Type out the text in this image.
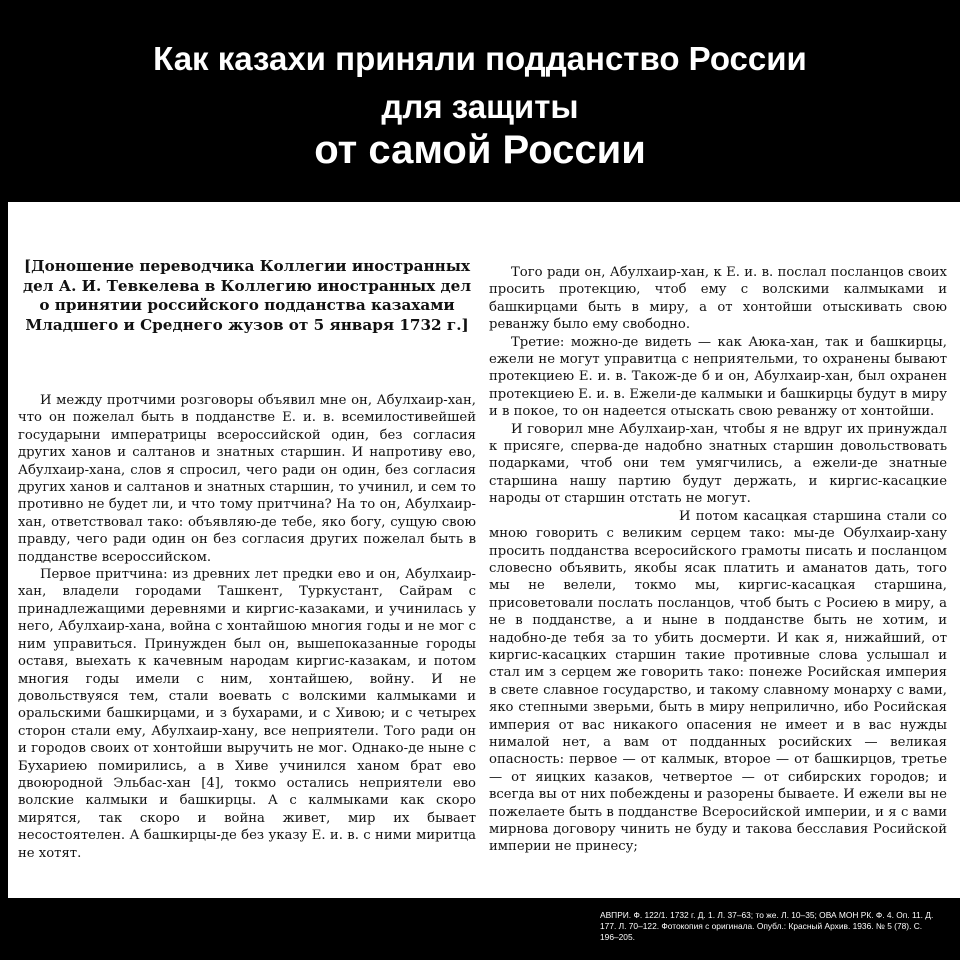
Как казахи приняли подданство России
для защиты
от самой России
[Доношение переводчика Коллегии иностранных дел А. И. Тевкелева в Коллегию иностранных дел о принятии российского подданства казахами Младшего и Среднего жузов от 5 января 1732 г.]

И между протчими розговоры объявил мне он, Абулхаир-хан, что он пожелал быть в подданстве Е. и. в. всемилостивейшей государыни императрицы всероссийской один, без согласия других ханов и салтанов и знатных старшин. И напротиву ево, Абулхаир-хана, слов я спросил, чего ради он один, без согласия других ханов и салтанов и знатных старшин, то учинил, и сем то противно не будет ли, и что тому притчина? На то он, Абулхаир-хан, ответствовал тако: объявляю-де тебе, яко богу, сущую свою правду, чего ради один он без согласия других пожелал быть в подданстве всероссийском.

Первое притчина: из древних лет предки ево и он, Абулхаир-хан, владели городами Ташкент, Туркустант, Сайрам с принадлежащими деревнями и киргис-казаками, и учинилась у него, Абулхаир-хана, война с хонтайшою многия годы и не мог с ним управиться. Принужден был он, вышепоказанные городы оставя, выехать к качевным народам киргис-казакам, и потом многия годы имели с ним, хонтайшею, войну. И не довольствуяся тем, стали воевать с волскими калмыками и оральскими башкирцами, и з бухарами, и с Хивою; и с четырех сторон стали ему, Абулхаир-хану, все неприятели. Того ради он и городов своих от хонтойши выручить не мог. Однако-де ныне с Бухариею помирились, а в Хиве учинился ханом брат ево двоюродной Эльбас-хан [4], токмо остались неприятели ево волские калмыки и башкирцы. А с калмыками как скоро мирятся, так скоро и война живет, мир их бывает несостоятелен. А башкирцы-де без указу Е. и. в. с ними миритца не хотят.

Того ради он, Абулхаир-хан, к Е. и. в. послал посланцов своих просить протекцию, чтоб ему с волскими калмыками и башкирцами быть в миру, а от хонтойши отыскивать свою реванжу было ему свободно.

Третие: можно-де видеть — как Аюка-хан, так и башкирцы, ежели не могут управитца с неприятельми, то охранены бывают протекциею Е. и. в. Також-де б и он, Абулхаир-хан, был охранен протекциею Е. и. в. Ежели-де калмыки и башкирцы будут в миру и в покое, то он надеется отыскать свою реванжу от хонтойши.

И говорил мне Абулхаир-хан, чтобы я не вдруг их принуждал к присяге, сперва-де надобно знатных старшин довольствовать подарками, чтоб они тем умягчились, а ежели-де знатные старшина нашу партию будут держать, и киргис-касацкие народы от старшин отстать не могут.

И потом касацкая старшина стали со мною говорить с великим серцем тако: мы-де Обулхаир-хану просить подданства всеросийского грамоты писать и посланцом словесно объявить, якобы ясак платить и аманатов дать, того мы не велели, токмо мы, киргис-касацкая старшина, присоветовали послать посланцов, чтоб быть с Росиею в миру, а не в подданстве, а и ныне в подданстве быть не хотим, и надобно-де тебя за то убить досмерти. И как я, нижайший, от киргис-касацких старшин такие противные слова услышал и стал им з серцем же говорить тако: понеже Росийская империя в свете славное государство, и такому славному монарху с вами, яко степными зверьми, быть в миру неприлично, ибо Росийская империя от вас никакого опасения не имеет и в вас нужды нималой нет, а вам от подданных росийских — великая опасность: первое — от калмык, второе — от башкирцов, третье — от яицких казаков, четвертое — от сибирских городов; и всегда вы от них побеждены и разорены бываете. И ежели вы не пожелаете быть в подданстве Всеросийской империи, и я с вами мирнова договору чинить не буду и такова бесславия Росийской империи не принесу;

АВПРИ. Ф. 122/1. 1732 г. Д. 1. Л. 37–63; то же. Л. 10–35; ОВА МОН РК. Ф. 4. Оп. 11. Д. 177. Л. 70–122. Фотокопия с оригинала. Опубл.: Красный Архив. 1936. № 5 (78). С. 196–205.
